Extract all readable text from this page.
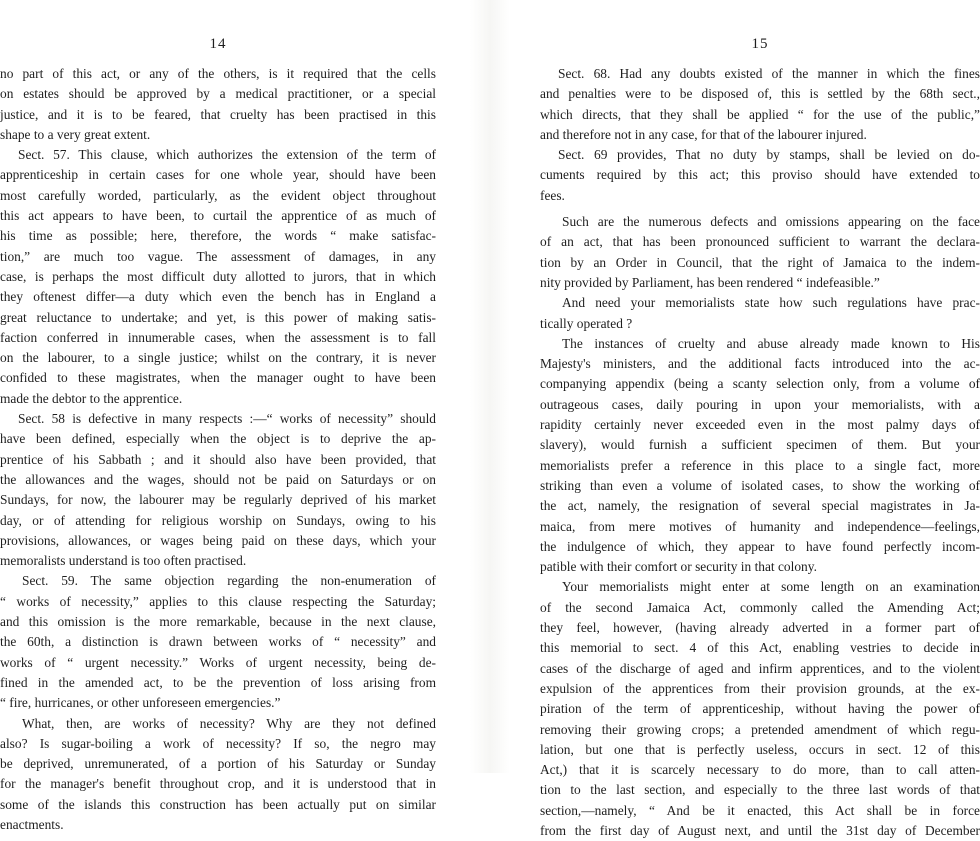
14
no part of this act, or any of the others, is it required that the cells
on estates should be approved by a medical practitioner, or a special
justice, and it is to be feared, that cruelty has been practised in this
shape to a very great extent.
Sect. 57. This clause, which authorizes the extension of the term of
apprenticeship in certain cases for one whole year, should have been
most carefully worded, particularly, as the evident object throughout
this act appears to have been, to curtail the apprentice of as much of
his time as possible; here, therefore, the words “ make satisfac-
tion,” are much too vague. The assessment of damages, in any
case, is perhaps the most difficult duty allotted to jurors, that in which
they oftenest differ—a duty which even the bench has in England a
great reluctance to undertake; and yet, is this power of making satis-
faction conferred in innumerable cases, when the assessment is to fall
on the labourer, to a single justice; whilst on the contrary, it is never
confided to these magistrates, when the manager ought to have been
made the debtor to the apprentice.
Sect. 58 is defective in many respects :—“ works of necessity” should
have been defined, especially when the object is to deprive the ap-
prentice of his Sabbath ; and it should also have been provided, that
the allowances and the wages, should not be paid on Saturdays or on
Sundays, for now, the labourer may be regularly deprived of his market
day, or of attending for religious worship on Sundays, owing to his
provisions, allowances, or wages being paid on these days, which your
memoralists understand is too often practised.
Sect. 59. The same objection regarding the non-enumeration of
“ works of necessity,” applies to this clause respecting the Saturday;
and this omission is the more remarkable, because in the next clause,
the 60th, a distinction is drawn between works of “ necessity” and
works of “ urgent necessity.” Works of urgent necessity, being de-
fined in the amended act, to be the prevention of loss arising from
“ fire, hurricanes, or other unforeseen emergencies.”
What, then, are works of necessity? Why are they not defined
also? Is sugar-boiling a work of necessity? If so, the negro may
be deprived, unremunerated, of a portion of his Saturday or Sunday
for the manager's benefit throughout crop, and it is understood that in
some of the islands this construction has been actually put on similar
enactments.
15
Sect. 68. Had any doubts existed of the manner in which the fines
and penalties were to be disposed of, this is settled by the 68th sect.,
which directs, that they shall be applied “ for the use of the public,”
and therefore not in any case, for that of the labourer injured.
Sect. 69 provides, That no duty by stamps, shall be levied on do-
cuments required by this act; this proviso should have extended to
fees.
Such are the numerous defects and omissions appearing on the face
of an act, that has been pronounced sufficient to warrant the declara-
tion by an Order in Council, that the right of Jamaica to the indem-
nity provided by Parliament, has been rendered “ indefeasible.”
And need your memorialists state how such regulations have prac-
tically operated ?
The instances of cruelty and abuse already made known to His
Majesty's ministers, and the additional facts introduced into the ac-
companying appendix (being a scanty selection only, from a volume of
outrageous cases, daily pouring in upon your memorialists, with a
rapidity certainly never exceeded even in the most palmy days of
slavery), would furnish a sufficient specimen of them. But your
memorialists prefer a reference in this place to a single fact, more
striking than even a volume of isolated cases, to show the working of
the act, namely, the resignation of several special magistrates in Ja-
maica, from mere motives of humanity and independence—feelings,
the indulgence of which, they appear to have found perfectly incom-
patible with their comfort or security in that colony.
Your memorialists might enter at some length on an examination
of the second Jamaica Act, commonly called the Amending Act;
they feel, however, (having already adverted in a former part of
this memorial to sect. 4 of this Act, enabling vestries to decide in
cases of the discharge of aged and infirm apprentices, and to the violent
expulsion of the apprentices from their provision grounds, at the ex-
piration of the term of apprenticeship, without having the power of
removing their growing crops; a pretended amendment of which regu-
lation, but one that is perfectly useless, occurs in sect. 12 of this
Act,) that it is scarcely necessary to do more, than to call atten-
tion to the last section, and especially to the three last words of that
section,—namely, “ And be it enacted, this Act shall be in force
from the first day of August next, and until the 31st day of December
